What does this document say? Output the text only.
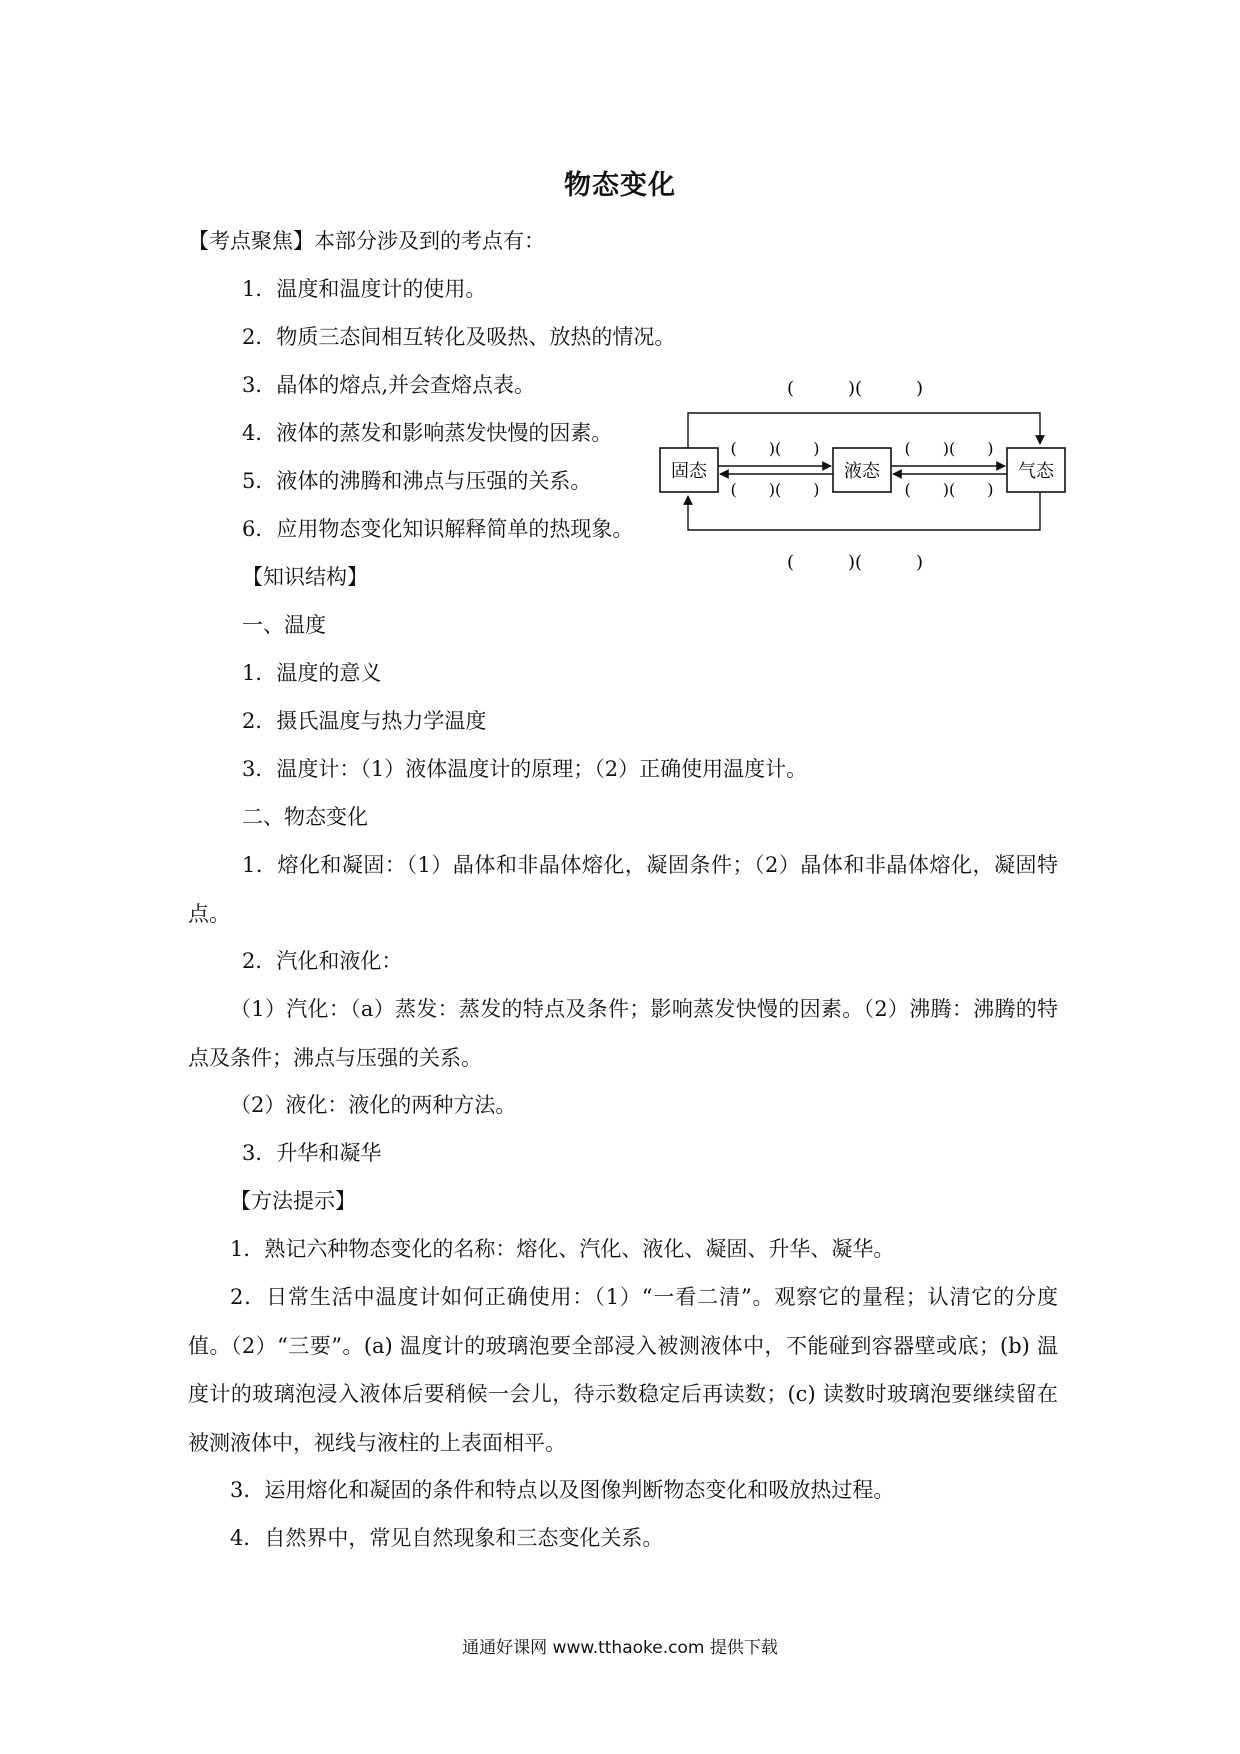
物态变化
【考点聚焦】本部分涉及到的考点有：
1．温度和温度计的使用。
2．物质三态间相互转化及吸热、放热的情况。
3．晶体的熔点,并会查熔点表。
4．液体的蒸发和影响蒸发快慢的因素。
5．液体的沸腾和沸点与压强的关系。
6．应用物态变化知识解释简单的热现象。
(　　　)(　　　)
固态	液态	气态
(　　)(　　)
(　　)(　　)
(　　)(　　)
(　　)(　　)
(　　　)(　　　)
【知识结构】
一、温度
1．温度的意义
2．摄氏温度与热力学温度
3．温度计：（1）液体温度计的原理；（2）正确使用温度计。
二、物态变化
1．熔化和凝固：（1）晶体和非晶体熔化，凝固条件；（2）晶体和非晶体熔化，凝固特点。
2．汽化和液化：
（1）汽化：（a）蒸发：蒸发的特点及条件；影响蒸发快慢的因素。（2）沸腾：沸腾的特点及条件；沸点与压强的关系。
（2）液化：液化的两种方法。
3．升华和凝华
【方法提示】
1．熟记六种物态变化的名称：熔化、汽化、液化、凝固、升华、凝华。
2．日常生活中温度计如何正确使用：（1）“一看二清”。观察它的量程；认清它的分度值。（2）“三要”。(a) 温度计的玻璃泡要全部浸入被测液体中，不能碰到容器壁或底；(b) 温度计的玻璃泡浸入液体后要稍候一会儿，待示数稳定后再读数；(c) 读数时玻璃泡要继续留在被测液体中，视线与液柱的上表面相平。
3．运用熔化和凝固的条件和特点以及图像判断物态变化和吸放热过程。
4．自然界中，常见自然现象和三态变化关系。
通通好课网 www.tthaoke.com 提供下载
